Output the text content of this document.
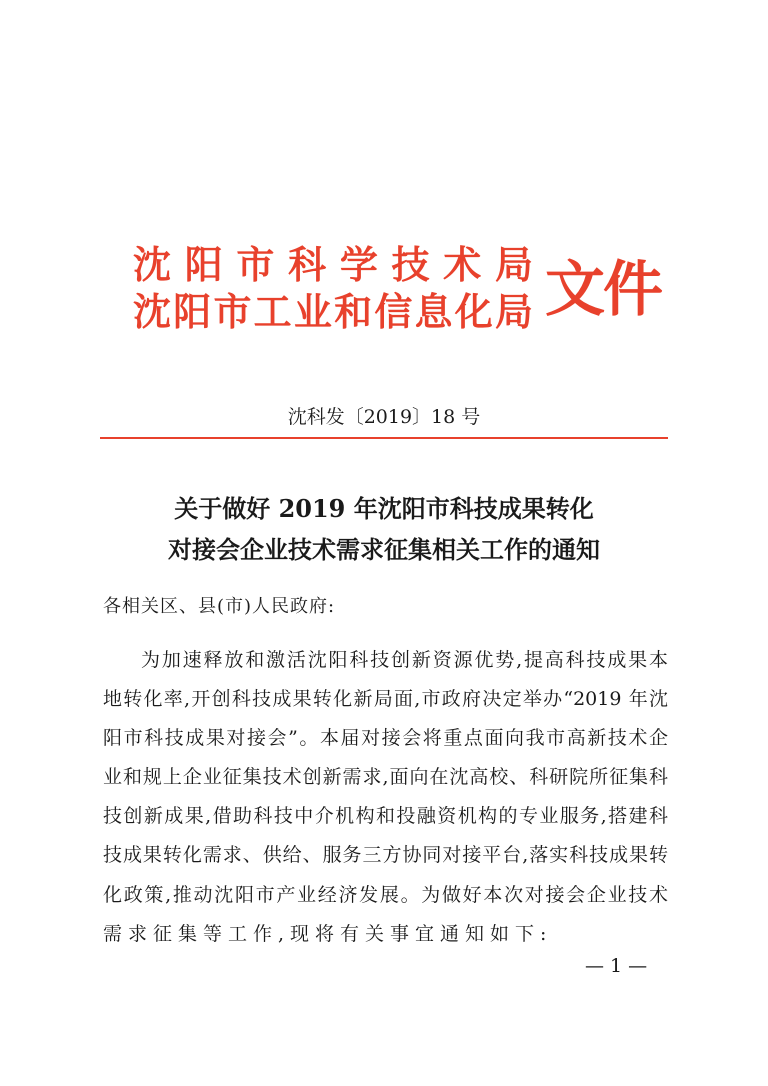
沈阳市科学技术局
沈阳市工业和信息化局 文件
沈科发〔2019〕18 号
关于做好 2019 年沈阳市科技成果转化
对接会企业技术需求征集相关工作的通知
各相关区、县(市)人民政府:
为加速释放和激活沈阳科技创新资源优势,提高科技成果本
地转化率,开创科技成果转化新局面,市政府决定举办“2019 年沈
阳市科技成果对接会”。本届对接会将重点面向我市高新技术企
业和规上企业征集技术创新需求,面向在沈高校、科研院所征集科
技创新成果,借助科技中介机构和投融资机构的专业服务,搭建科
技成果转化需求、供给、服务三方协同对接平台,落实科技成果转
化政策,推动沈阳市产业经济发展。为做好本次对接会企业技术
需求征集等工作,现将有关事宜通知如下:
— 1 —
